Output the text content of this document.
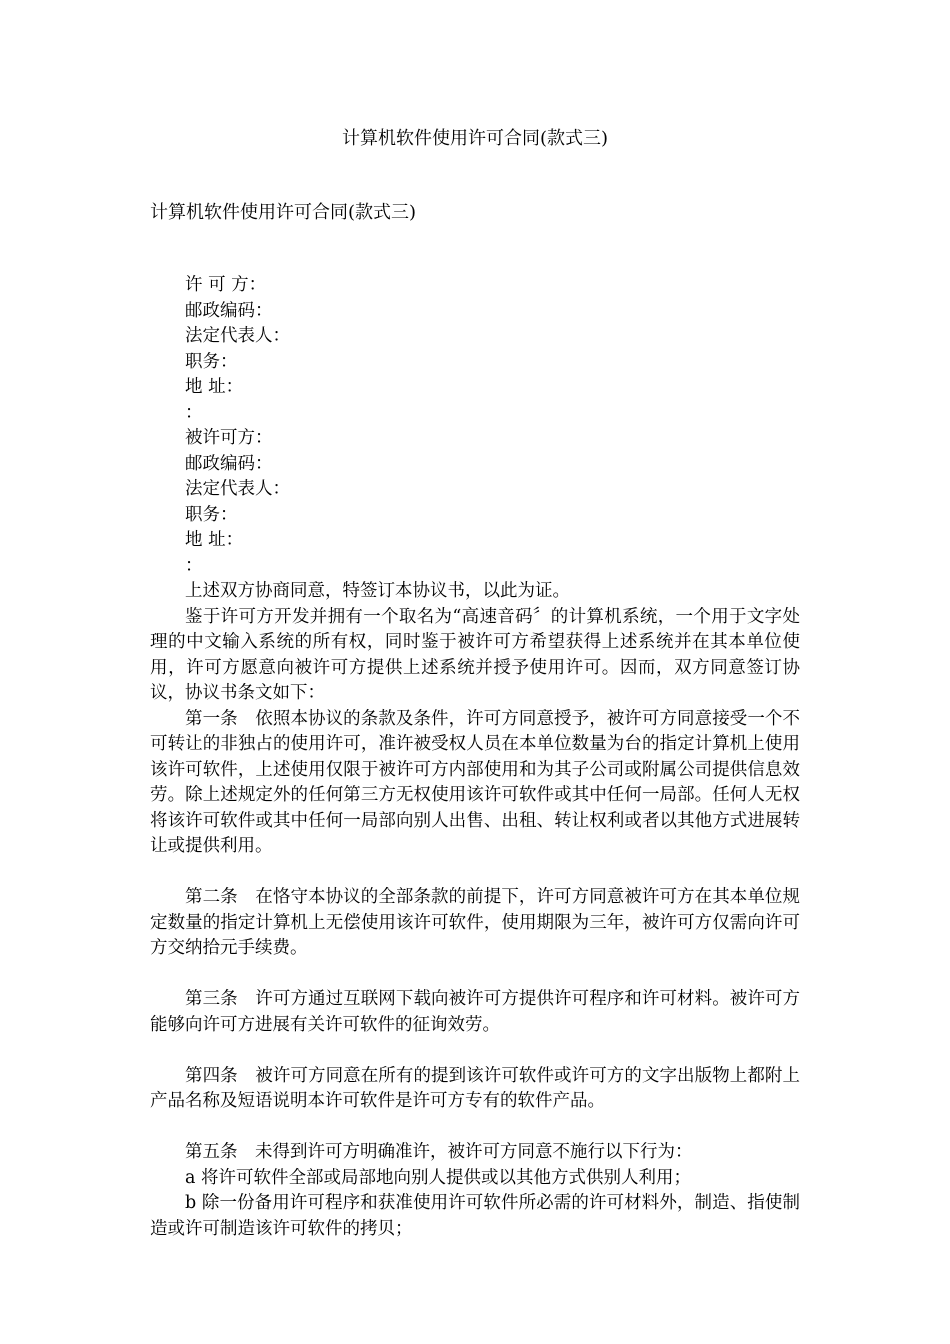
计算机软件使用许可合同(款式三)
计算机软件使用许可合同(款式三)

许 可 方：

邮政编码：

法定代表人：

职务：

地 址：

：

被许可方：

邮政编码：

法定代表人：

职务：

地 址：

：

上述双方协商同意，特签订本协议书，以此为证。

鉴于许可方开发并拥有一个取名为“高速音码〞的计算机系统，一个用于文字处理的中文输入系统的所有权，同时鉴于被许可方希望获得上述系统并在其本单位使用，许可方愿意向被许可方提供上述系统并授予使用许可。因而，双方同意签订协议，协议书条文如下：

第一条　依照本协议的条款及条件，许可方同意授予，被许可方同意接受一个不可转让的非独占的使用许可，准许被受权人员在本单位数量为台的指定计算机上使用该许可软件，上述使用仅限于被许可方内部使用和为其子公司或附属公司提供信息效劳。除上述规定外的任何第三方无权使用该许可软件或其中任何一局部。任何人无权将该许可软件或其中任何一局部向别人出售、出租、转让权利或者以其他方式进展转让或提供利用。

第二条　在恪守本协议的全部条款的前提下，许可方同意被许可方在其本单位规定数量的指定计算机上无偿使用该许可软件，使用期限为三年，被许可方仅需向许可方交纳拾元手续费。

第三条　许可方通过互联网下载向被许可方提供许可程序和许可材料。被许可方能够向许可方进展有关许可软件的征询效劳。

第四条　被许可方同意在所有的提到该许可软件或许可方的文字出版物上都附上产品名称及短语说明本许可软件是许可方专有的软件产品。

第五条　未得到许可方明确准许，被许可方同意不施行以下行为：

a 将许可软件全部或局部地向别人提供或以其他方式供别人利用；

b 除一份备用许可程序和获准使用许可软件所必需的许可材料外，制造、指使制造或许可制造该许可软件的拷贝；
